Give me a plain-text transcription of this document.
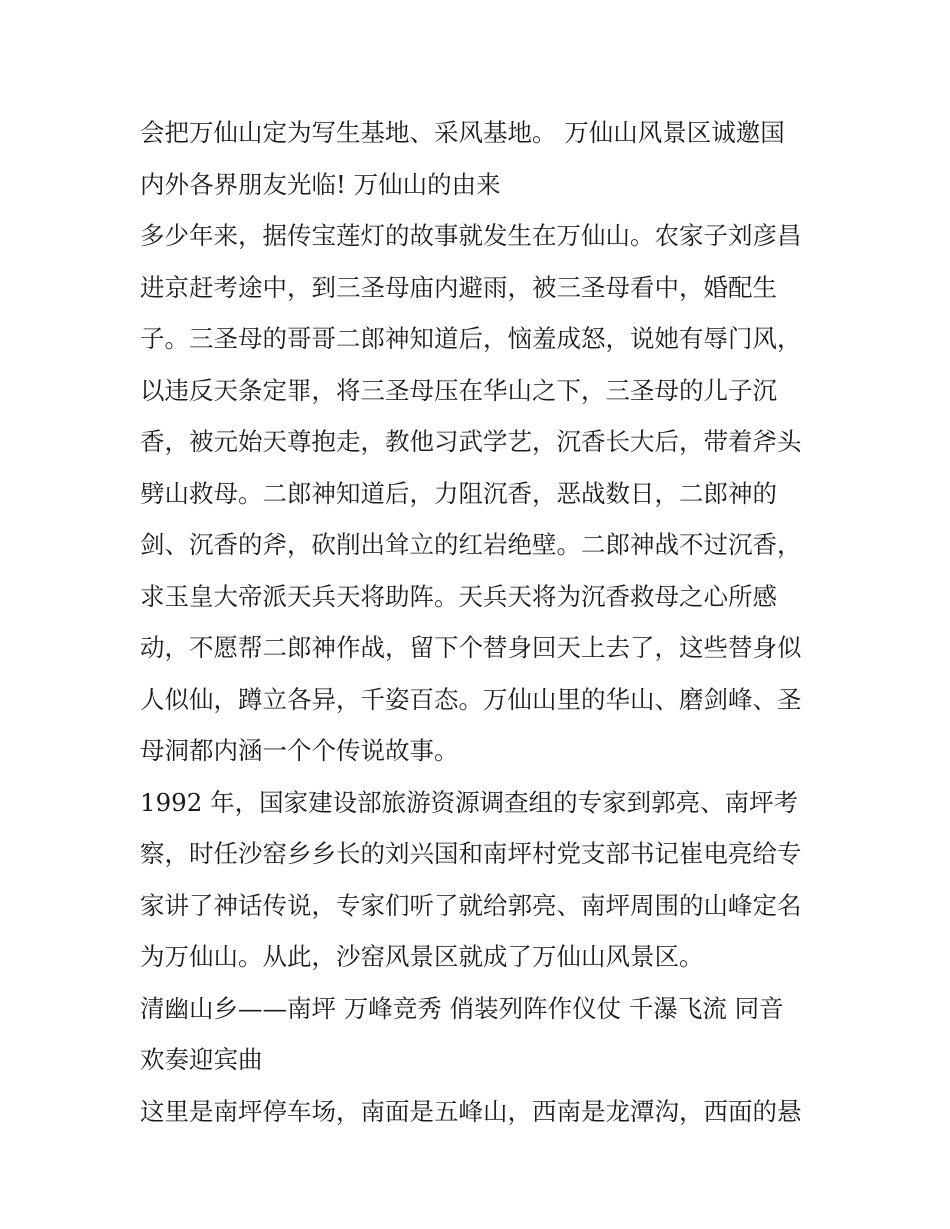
会把万仙山定为写生基地、采风基地。 万仙山风景区诚邀国
内外各界朋友光临! 万仙山的由来
多少年来，据传宝莲灯的故事就发生在万仙山。农家子刘彦昌
进京赶考途中，到三圣母庙内避雨，被三圣母看中，婚配生
子。三圣母的哥哥二郎神知道后，恼羞成怒，说她有辱门风，
以违反天条定罪，将三圣母压在华山之下，三圣母的儿子沉
香，被元始天尊抱走，教他习武学艺，沉香长大后，带着斧头
劈山救母。二郎神知道后，力阻沉香，恶战数日，二郎神的
剑、沉香的斧，砍削出耸立的红岩绝壁。二郎神战不过沉香，
求玉皇大帝派天兵天将助阵。天兵天将为沉香救母之心所感
动，不愿帮二郎神作战，留下个替身回天上去了，这些替身似
人似仙，蹲立各异，千姿百态。万仙山里的华山、磨剑峰、圣
母洞都内涵一个个传说故事。
1992 年，国家建设部旅游资源调查组的专家到郭亮、南坪考
察，时任沙窑乡乡长的刘兴国和南坪村党支部书记崔电亮给专
家讲了神话传说，专家们听了就给郭亮、南坪周围的山峰定名
为万仙山。从此，沙窑风景区就成了万仙山风景区。
清幽山乡——南坪 万峰竞秀 俏装列阵作仪仗 千瀑飞流 同音
欢奏迎宾曲
这里是南坪停车场，南面是五峰山，西南是龙潭沟，西面的悬
